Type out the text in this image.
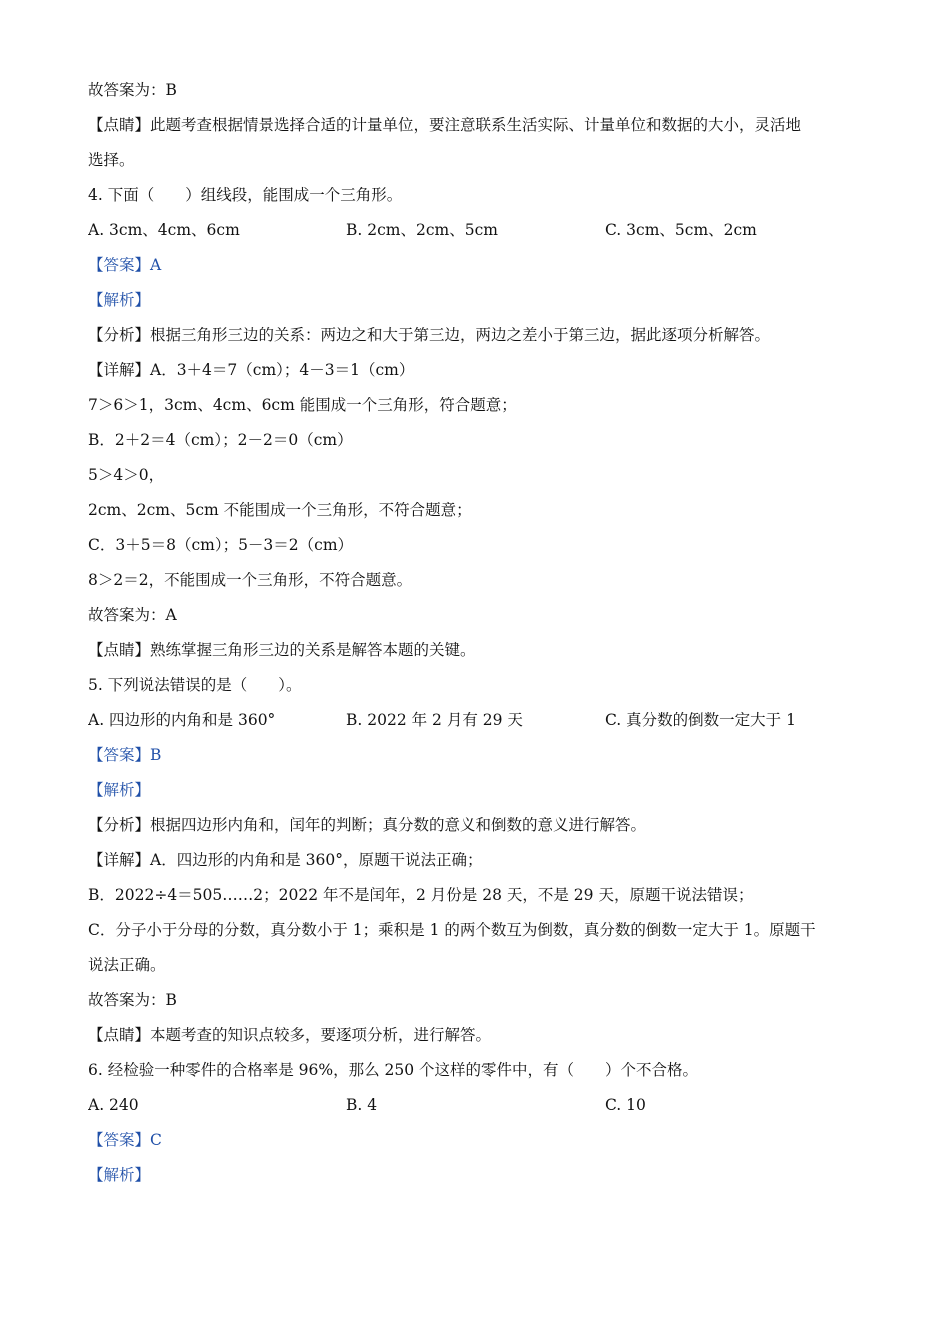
故答案为：B
【点睛】此题考查根据情景选择合适的计量单位，要注意联系生活实际、计量单位和数据的大小，灵活地
选择。
4. 下面（　　）组线段，能围成一个三角形。
A. 3cm、4cm、6cm	B. 2cm、2cm、5cm	C. 3cm、5cm、2cm
【答案】A
【解析】
【分析】根据三角形三边的关系：两边之和大于第三边，两边之差小于第三边，据此逐项分析解答。
【详解】A．3＋4＝7（cm）；4－3＝1（cm）
7＞6＞1，3cm、4cm、6cm 能围成一个三角形，符合题意；
B．2＋2＝4（cm）；2－2＝0（cm）
5＞4＞0，
2cm、2cm、5cm 不能围成一个三角形，不符合题意；
C．3＋5＝8（cm）；5－3＝2（cm）
8＞2＝2，不能围成一个三角形，不符合题意。
故答案为：A
【点睛】熟练掌握三角形三边的关系是解答本题的关键。
5. 下列说法错误的是（　　）。
A. 四边形的内角和是 360°	B. 2022 年 2 月有 29 天	C. 真分数的倒数一定大于 1
【答案】B
【解析】
【分析】根据四边形内角和，闰年的判断；真分数的意义和倒数的意义进行解答。
【详解】A．四边形的内角和是 360°，原题干说法正确；
B．2022÷4＝505……2；2022 年不是闰年，2 月份是 28 天，不是 29 天，原题干说法错误；
C．分子小于分母的分数，真分数小于 1；乘积是 1 的两个数互为倒数，真分数的倒数一定大于 1。原题干
说法正确。
故答案为：B
【点睛】本题考查的知识点较多，要逐项分析，进行解答。
6. 经检验一种零件的合格率是 96%，那么 250 个这样的零件中，有（　　）个不合格。
A. 240	B. 4	C. 10
【答案】C
【解析】
